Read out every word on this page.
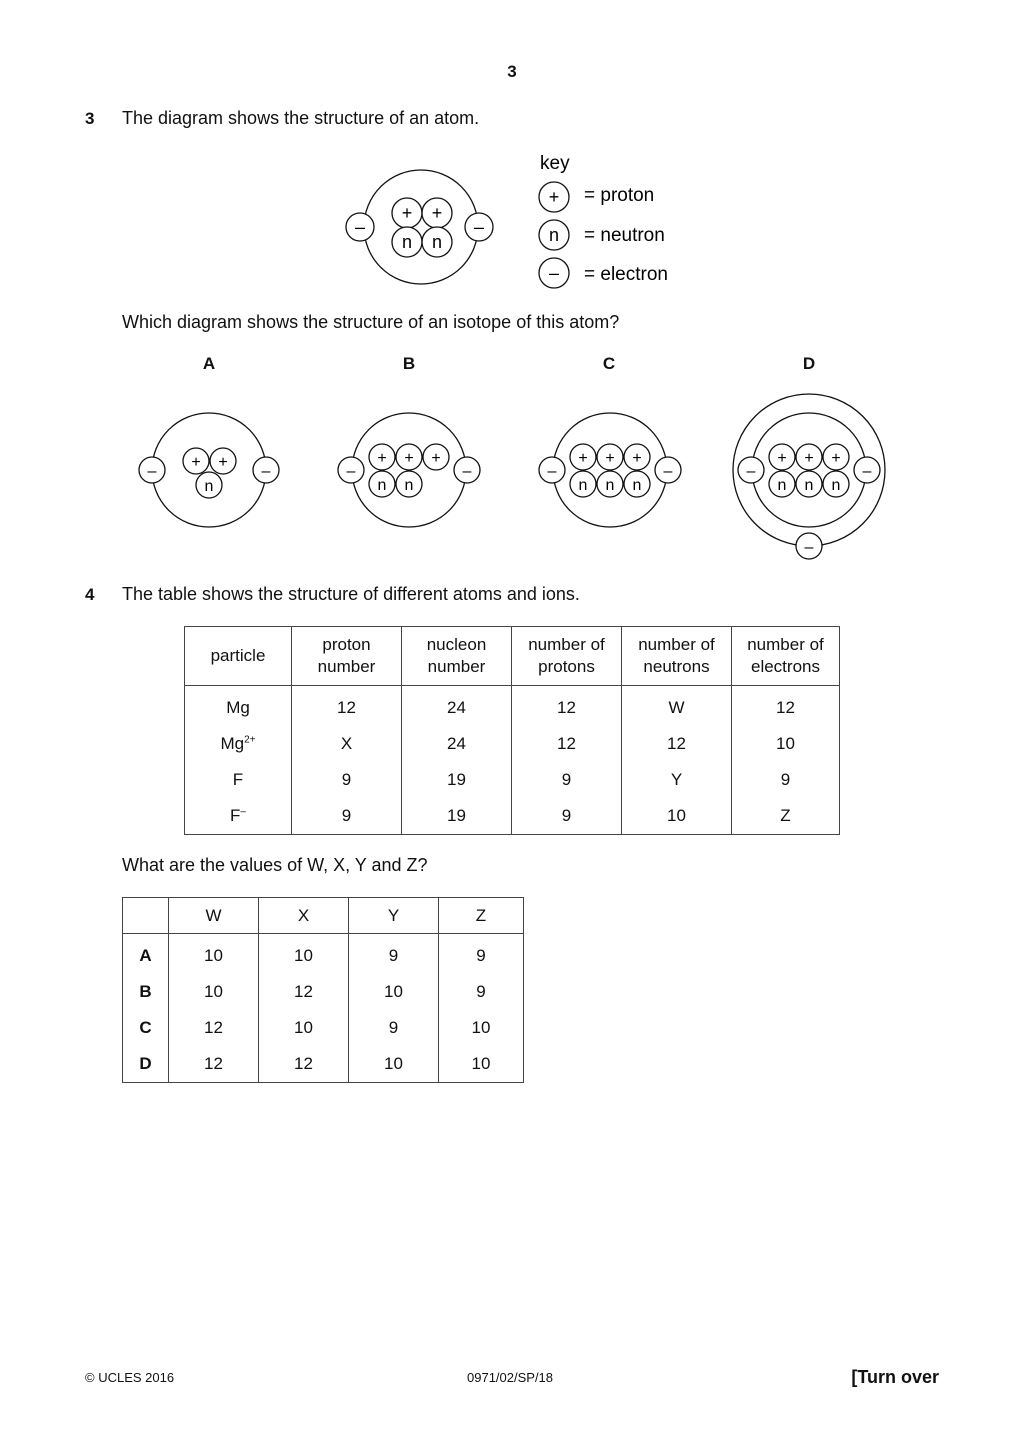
3
3 The diagram shows the structure of an atom.
+ +
n n
–	–
key
+ = proton
n = neutron
– = electron
Which diagram shows the structure of an isotope of this atom?
A	B	C	D
+ +
n
–	–
+ + +
n n
–	–
+ + +
n n n
–	–
+ + +
n n n
–	–
–
4 The table shows the structure of different atoms and ions.
particle	proton number	nucleon number	number of protons	number of neutrons	number of electrons
Mg	12	24	12	W	12
$Mg^{2+}$	X	24	12	12	10
F	9	19	9	Y	9
F–	9	19	9	10	Z
What are the values of W, X, Y and Z?
	W	X	Y	Z
A	10	10	9	9
B	10	12	10	9
C	12	10	9	10
D	12	12	10	10
© UCLES 2016	0971/02/SP/18	[Turn over
